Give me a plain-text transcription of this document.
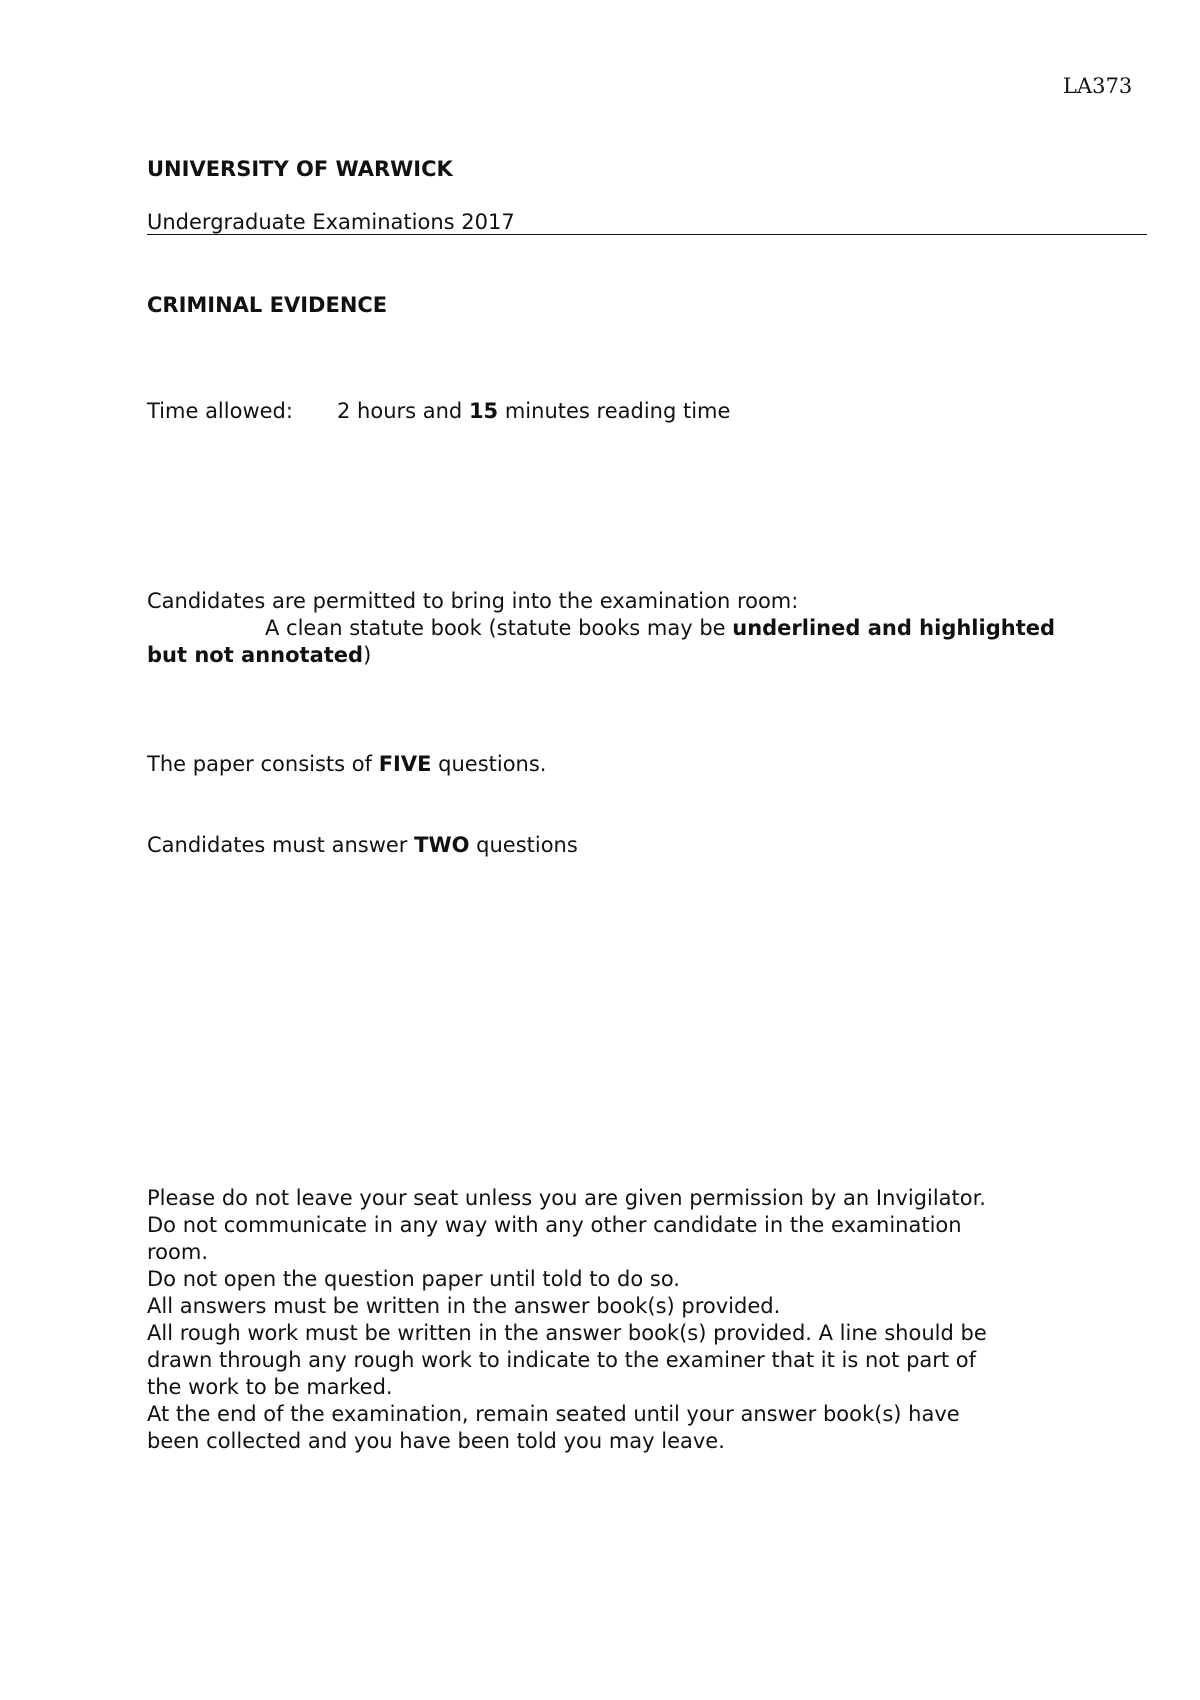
LA373
UNIVERSITY OF WARWICK
Undergraduate Examinations 2017
CRIMINAL EVIDENCE
Time allowed: 2 hours and 15 minutes reading time
Candidates are permitted to bring into the examination room:
A clean statute book (statute books may be underlined and highlighted
but not annotated)
The paper consists of FIVE questions.
Candidates must answer TWO questions
Please do not leave your seat unless you are given permission by an Invigilator.
Do not communicate in any way with any other candidate in the examination room.
Do not open the question paper until told to do so.
All answers must be written in the answer book(s) provided.
All rough work must be written in the answer book(s) provided. A line should be drawn through any rough work to indicate to the examiner that it is not part of the work to be marked.
At the end of the examination, remain seated until your answer book(s) have been collected and you have been told you may leave.
